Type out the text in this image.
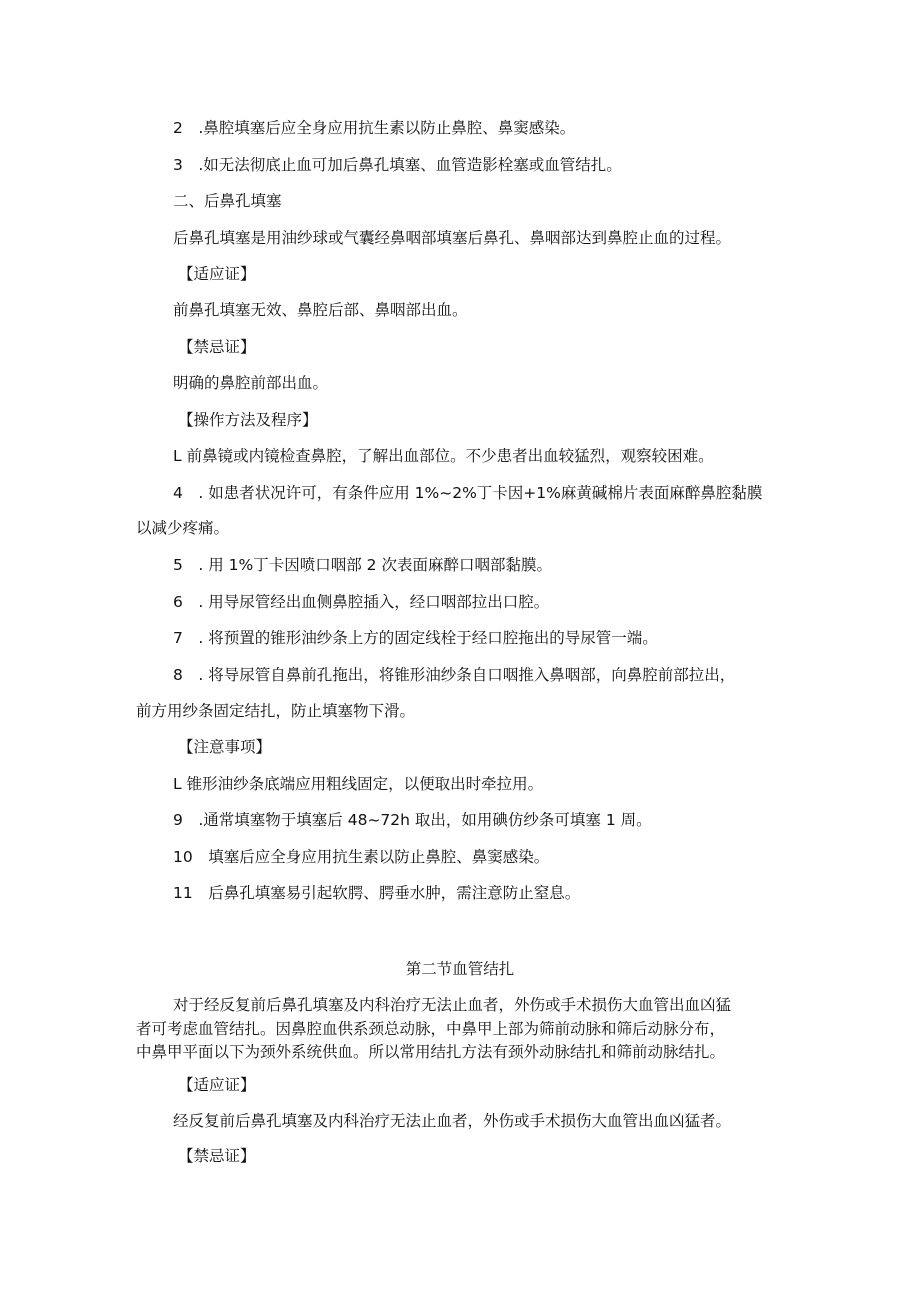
2　.鼻腔填塞后应全身应用抗生素以防止鼻腔、鼻窦感染。
3　.如无法彻底止血可加后鼻孔填塞、血管造影栓塞或血管结扎。
二、后鼻孔填塞
后鼻孔填塞是用油纱球或气囊经鼻咽部填塞后鼻孔、鼻咽部达到鼻腔止血的过程。
【适应证】
前鼻孔填塞无效、鼻腔后部、鼻咽部出血。
【禁忌证】
明确的鼻腔前部出血。
【操作方法及程序】
L 前鼻镜或内镜检查鼻腔，了解出血部位。不少患者出血较猛烈，观察较困难。
4　. 如患者状况许可，有条件应用 1%~2%丁卡因+1%麻黄碱棉片表面麻醉鼻腔黏膜
以减少疼痛。
5　. 用 1%丁卡因喷口咽部 2 次表面麻醉口咽部黏膜。
6　. 用导尿管经出血侧鼻腔插入，经口咽部拉出口腔。
7　. 将预置的锥形油纱条上方的固定线栓于经口腔拖出的导尿管一端。
8　. 将导尿管自鼻前孔拖出，将锥形油纱条自口咽推入鼻咽部，向鼻腔前部拉出，
前方用纱条固定结扎，防止填塞物下滑。
【注意事项】
L 锥形油纱条底端应用粗线固定，以便取出时牵拉用。
9　.通常填塞物于填塞后 48~72h 取出，如用碘仿纱条可填塞 1 周。
10　填塞后应全身应用抗生素以防止鼻腔、鼻窦感染。
11　后鼻孔填塞易引起软腭、腭垂水肿，需注意防止窒息。
第二节血管结扎
对于经反复前后鼻孔填塞及内科治疗无法止血者，外伤或手术损伤大血管出血凶猛
者可考虑血管结扎。因鼻腔血供系颈总动脉，中鼻甲上部为筛前动脉和筛后动脉分布，
中鼻甲平面以下为颈外系统供血。所以常用结扎方法有颈外动脉结扎和筛前动脉结扎。
【适应证】
经反复前后鼻孔填塞及内科治疗无法止血者，外伤或手术损伤大血管出血凶猛者。
【禁忌证】
